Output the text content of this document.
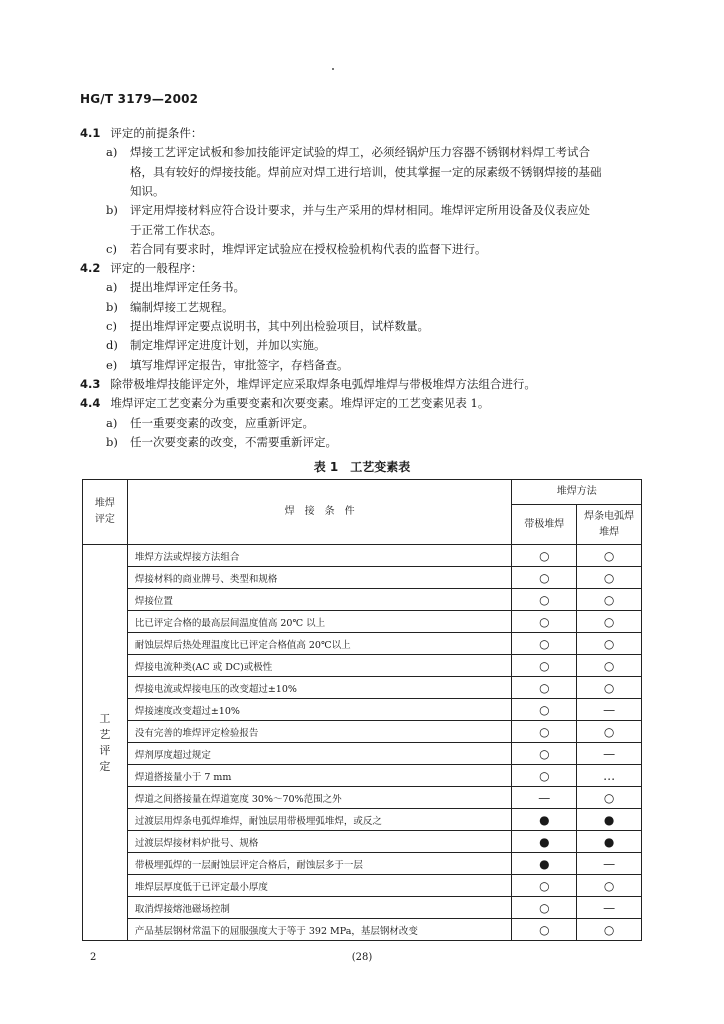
HG/T 3179—2002
4.1 评定的前提条件：
a) 焊接工艺评定试板和参加技能评定试验的焊工，必须经锅炉压力容器不锈钢材料焊工考试合
格，具有较好的焊接技能。焊前应对焊工进行培训，使其掌握一定的尿素级不锈钢焊接的基础
知识。
b) 评定用焊接材料应符合设计要求，并与生产采用的焊材相同。堆焊评定所用设备及仪表应处
于正常工作状态。
c) 若合同有要求时，堆焊评定试验应在授权检验机构代表的监督下进行。
4.2 评定的一般程序：
a) 提出堆焊评定任务书。
b) 编制焊接工艺规程。
c) 提出堆焊评定要点说明书，其中列出检验项目，试样数量。
d) 制定堆焊评定进度计划，并加以实施。
e) 填写堆焊评定报告，审批签字，存档备查。
4.3 除带极堆焊技能评定外，堆焊评定应采取焊条电弧焊堆焊与带极堆焊方法组合进行。
4.4 堆焊评定工艺变素分为重要变素和次要变素。堆焊评定的工艺变素见表 1。
a) 任一重要变素的改变，应重新评定。
b) 任一次要变素的改变，不需要重新评定。
表 1　工艺变素表
堆焊
评定	焊　接　条　件	堆焊方法	
		带极堆焊	焊条电弧焊
堆焊

工
艺
评
定	堆焊方法或焊接方法组合	○	○
	焊接材料的商业牌号、类型和规格	○	○
	焊接位置	○	○
	比已评定合格的最高层间温度值高 20℃ 以上	○	○
	耐蚀层焊后热处理温度比已评定合格值高 20℃以上	○	○
	焊接电流种类(AC 或 DC)或极性	○	○
	焊接电流或焊接电压的改变超过±10%	○	○
	焊接速度改变超过±10%	○	—
	没有完善的堆焊评定检验报告	○	○
	焊剂厚度超过规定	○	—
	焊道搭接量小于 7 mm	○	…
	焊道之间搭接量在焊道宽度 30%～70%范围之外	—	○
	过渡层用焊条电弧焊堆焊，耐蚀层用带极埋弧堆焊，或反之	●	●
	过渡层焊接材料炉批号、规格	●	●
	带极埋弧焊的一层耐蚀层评定合格后，耐蚀层多于一层	●	—
	堆焊层厚度低于已评定最小厚度	○	○
	取消焊接熔池磁场控制	○	—
	产品基层钢材常温下的屈服强度大于等于 392 MPa，基层钢材改变	○	○
2	(28)
